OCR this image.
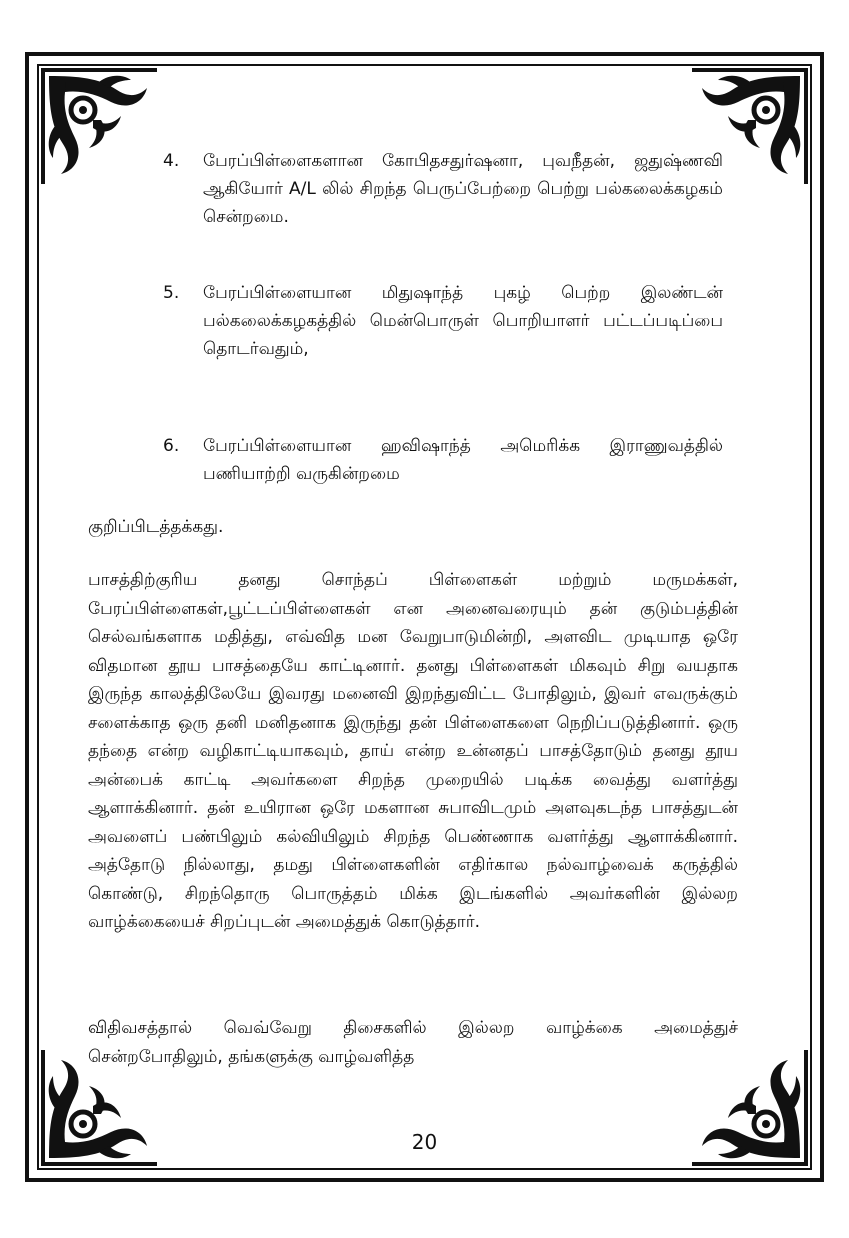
4.	பேரப்பிள்ளைகளான கோபிதசதுர்ஷனா, புவநீதன், ஜதுஷ்ணவி ஆகியோர் A/L லில் சிறந்த பெருப்பேற்றை பெற்று பல்கலைக்கழகம் சென்றமை.
5.	பேரப்பிள்ளையான மிதுஷாந்த் புகழ் பெற்ற இலண்டன் பல்கலைக்கழகத்தில் மென்பொருள் பொறியாளர் பட்டப்படிப்பை தொடர்வதும்,
6.	பேரப்பிள்ளையான ஹவிஷாந்த் அமெரிக்க இராணுவத்தில் பணியாற்றி வருகின்றமை
குறிப்பிடத்தக்கது.
பாசத்திற்குரிய தனது சொந்தப் பிள்ளைகள் மற்றும் மருமக்கள், பேரப்பிள்ளைகள்,பூட்டப்பிள்ளைகள் என அனைவரையும் தன் குடும்பத்தின் செல்வங்களாக மதித்து, எவ்வித மன வேறுபாடுமின்றி, அளவிட முடியாத ஒரே விதமான தூய பாசத்தையே காட்டினார். தனது பிள்ளைகள் மிகவும் சிறு வயதாக இருந்த காலத்திலேயே இவரது மனைவி இறந்துவிட்ட போதிலும், இவர் எவருக்கும் சளைக்காத ஒரு தனி மனிதனாக இருந்து தன் பிள்ளைகளை நெறிப்படுத்தினார். ஒரு தந்தை என்ற வழிகாட்டியாகவும், தாய் என்ற உன்னதப் பாசத்தோடும் தனது தூய அன்பைக் காட்டி அவர்களை சிறந்த முறையில் படிக்க வைத்து வளர்த்து ஆளாக்கினார். தன் உயிரான ஒரே மகளான சுபாவிடமும் அளவுகடந்த பாசத்துடன் அவளைப் பண்பிலும் கல்வியிலும் சிறந்த பெண்ணாக வளர்த்து ஆளாக்கினார். அத்தோடு நில்லாது, தமது பிள்ளைகளின் எதிர்கால நல்வாழ்வைக் கருத்தில் கொண்டு, சிறந்தொரு பொருத்தம் மிக்க இடங்களில் அவர்களின் இல்லற வாழ்க்கையைச் சிறப்புடன் அமைத்துக் கொடுத்தார்.
விதிவசத்தால் வெவ்வேறு திசைகளில் இல்லற வாழ்க்கை அமைத்துச் சென்றபோதிலும், தங்களுக்கு வாழ்வளித்த
20
